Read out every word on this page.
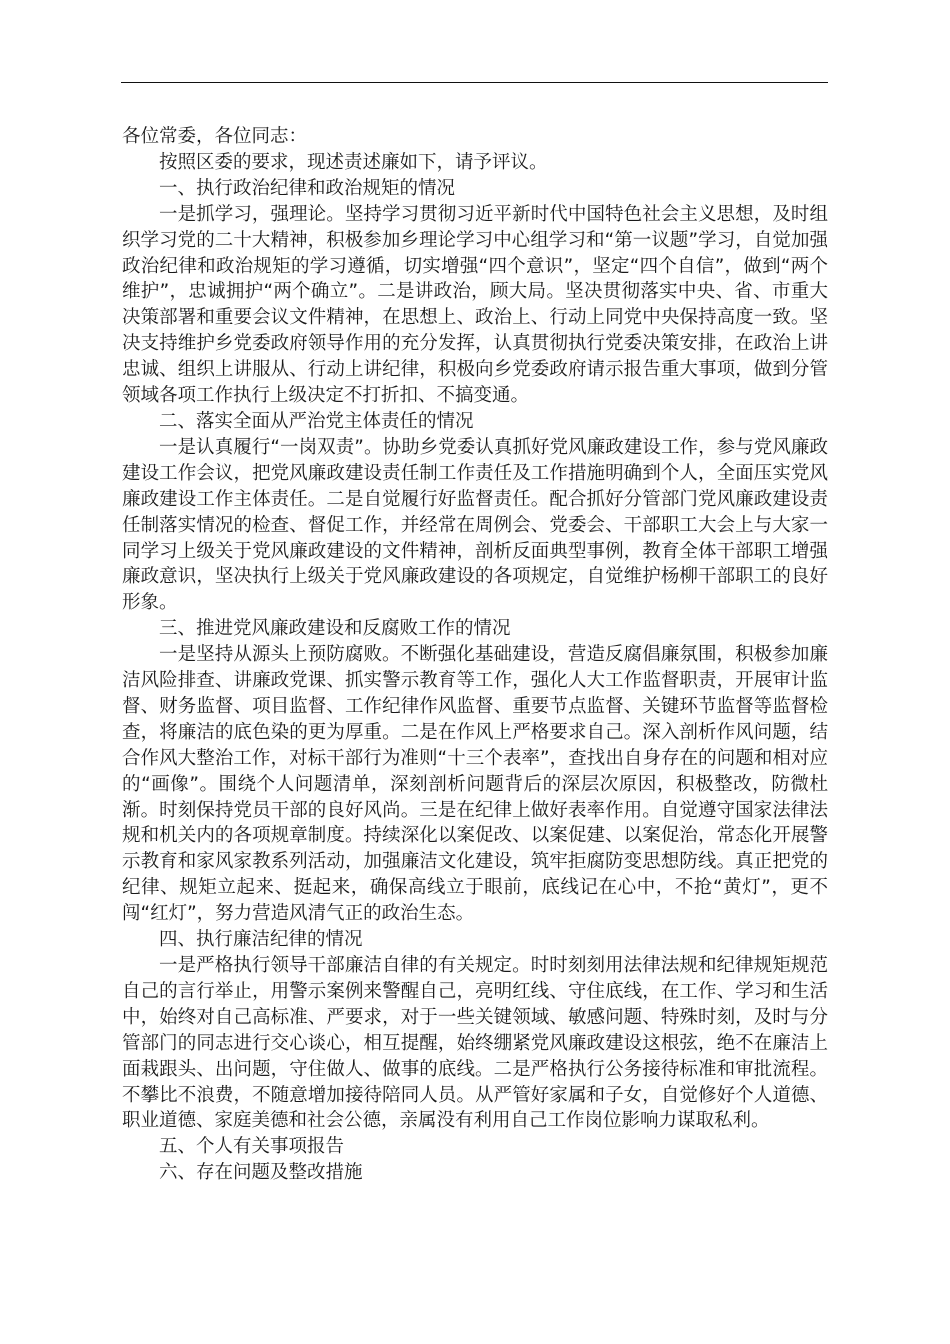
各位常委，各位同志：

按照区委的要求，现述责述廉如下，请予评议。

一、执行政治纪律和政治规矩的情况

一是抓学习，强理论。坚持学习贯彻习近平新时代中国特色社会主义思想，及时组织学习党的二十大精神，积极参加乡理论学习中心组学习和“第一议题”学习，自觉加强政治纪律和政治规矩的学习遵循，切实增强“四个意识”，坚定“四个自信”，做到“两个维护”，忠诚拥护“两个确立”。二是讲政治，顾大局。坚决贯彻落实中央、省、市重大决策部署和重要会议文件精神，在思想上、政治上、行动上同党中央保持高度一致。坚决支持维护乡党委政府领导作用的充分发挥，认真贯彻执行党委决策安排，在政治上讲忠诚、组织上讲服从、行动上讲纪律，积极向乡党委政府请示报告重大事项，做到分管领域各项工作执行上级决定不打折扣、不搞变通。

二、落实全面从严治党主体责任的情况

一是认真履行“一岗双责”。协助乡党委认真抓好党风廉政建设工作，参与党风廉政建设工作会议，把党风廉政建设责任制工作责任及工作措施明确到个人，全面压实党风廉政建设工作主体责任。二是自觉履行好监督责任。配合抓好分管部门党风廉政建设责任制落实情况的检查、督促工作，并经常在周例会、党委会、干部职工大会上与大家一同学习上级关于党风廉政建设的文件精神，剖析反面典型事例，教育全体干部职工增强廉政意识，坚决执行上级关于党风廉政建设的各项规定，自觉维护杨柳干部职工的良好形象。

三、推进党风廉政建设和反腐败工作的情况

一是坚持从源头上预防腐败。不断强化基础建设，营造反腐倡廉氛围，积极参加廉洁风险排查、讲廉政党课、抓实警示教育等工作，强化人大工作监督职责，开展审计监督、财务监督、项目监督、工作纪律作风监督、重要节点监督、关键环节监督等监督检查，将廉洁的底色染的更为厚重。二是在作风上严格要求自己。深入剖析作风问题，结合作风大整治工作，对标干部行为准则“十三个表率”，查找出自身存在的问题和相对应的“画像”。围绕个人问题清单，深刻剖析问题背后的深层次原因，积极整改，防微杜渐。时刻保持党员干部的良好风尚。三是在纪律上做好表率作用。自觉遵守国家法律法规和机关内的各项规章制度。持续深化以案促改、以案促建、以案促治，常态化开展警示教育和家风家教系列活动，加强廉洁文化建设，筑牢拒腐防变思想防线。真正把党的纪律、规矩立起来、挺起来，确保高线立于眼前，底线记在心中，不抢“黄灯”，更不闯“红灯”，努力营造风清气正的政治生态。

四、执行廉洁纪律的情况

一是严格执行领导干部廉洁自律的有关规定。时时刻刻用法律法规和纪律规矩规范自己的言行举止，用警示案例来警醒自己，亮明红线、守住底线，在工作、学习和生活中，始终对自己高标准、严要求，对于一些关键领域、敏感问题、特殊时刻，及时与分管部门的同志进行交心谈心，相互提醒，始终绷紧党风廉政建设这根弦，绝不在廉洁上面栽跟头、出问题，守住做人、做事的底线。二是严格执行公务接待标准和审批流程。不攀比不浪费，不随意增加接待陪同人员。从严管好家属和子女，自觉修好个人道德、职业道德、家庭美德和社会公德，亲属没有利用自己工作岗位影响力谋取私利。

五、个人有关事项报告

六、存在问题及整改措施
